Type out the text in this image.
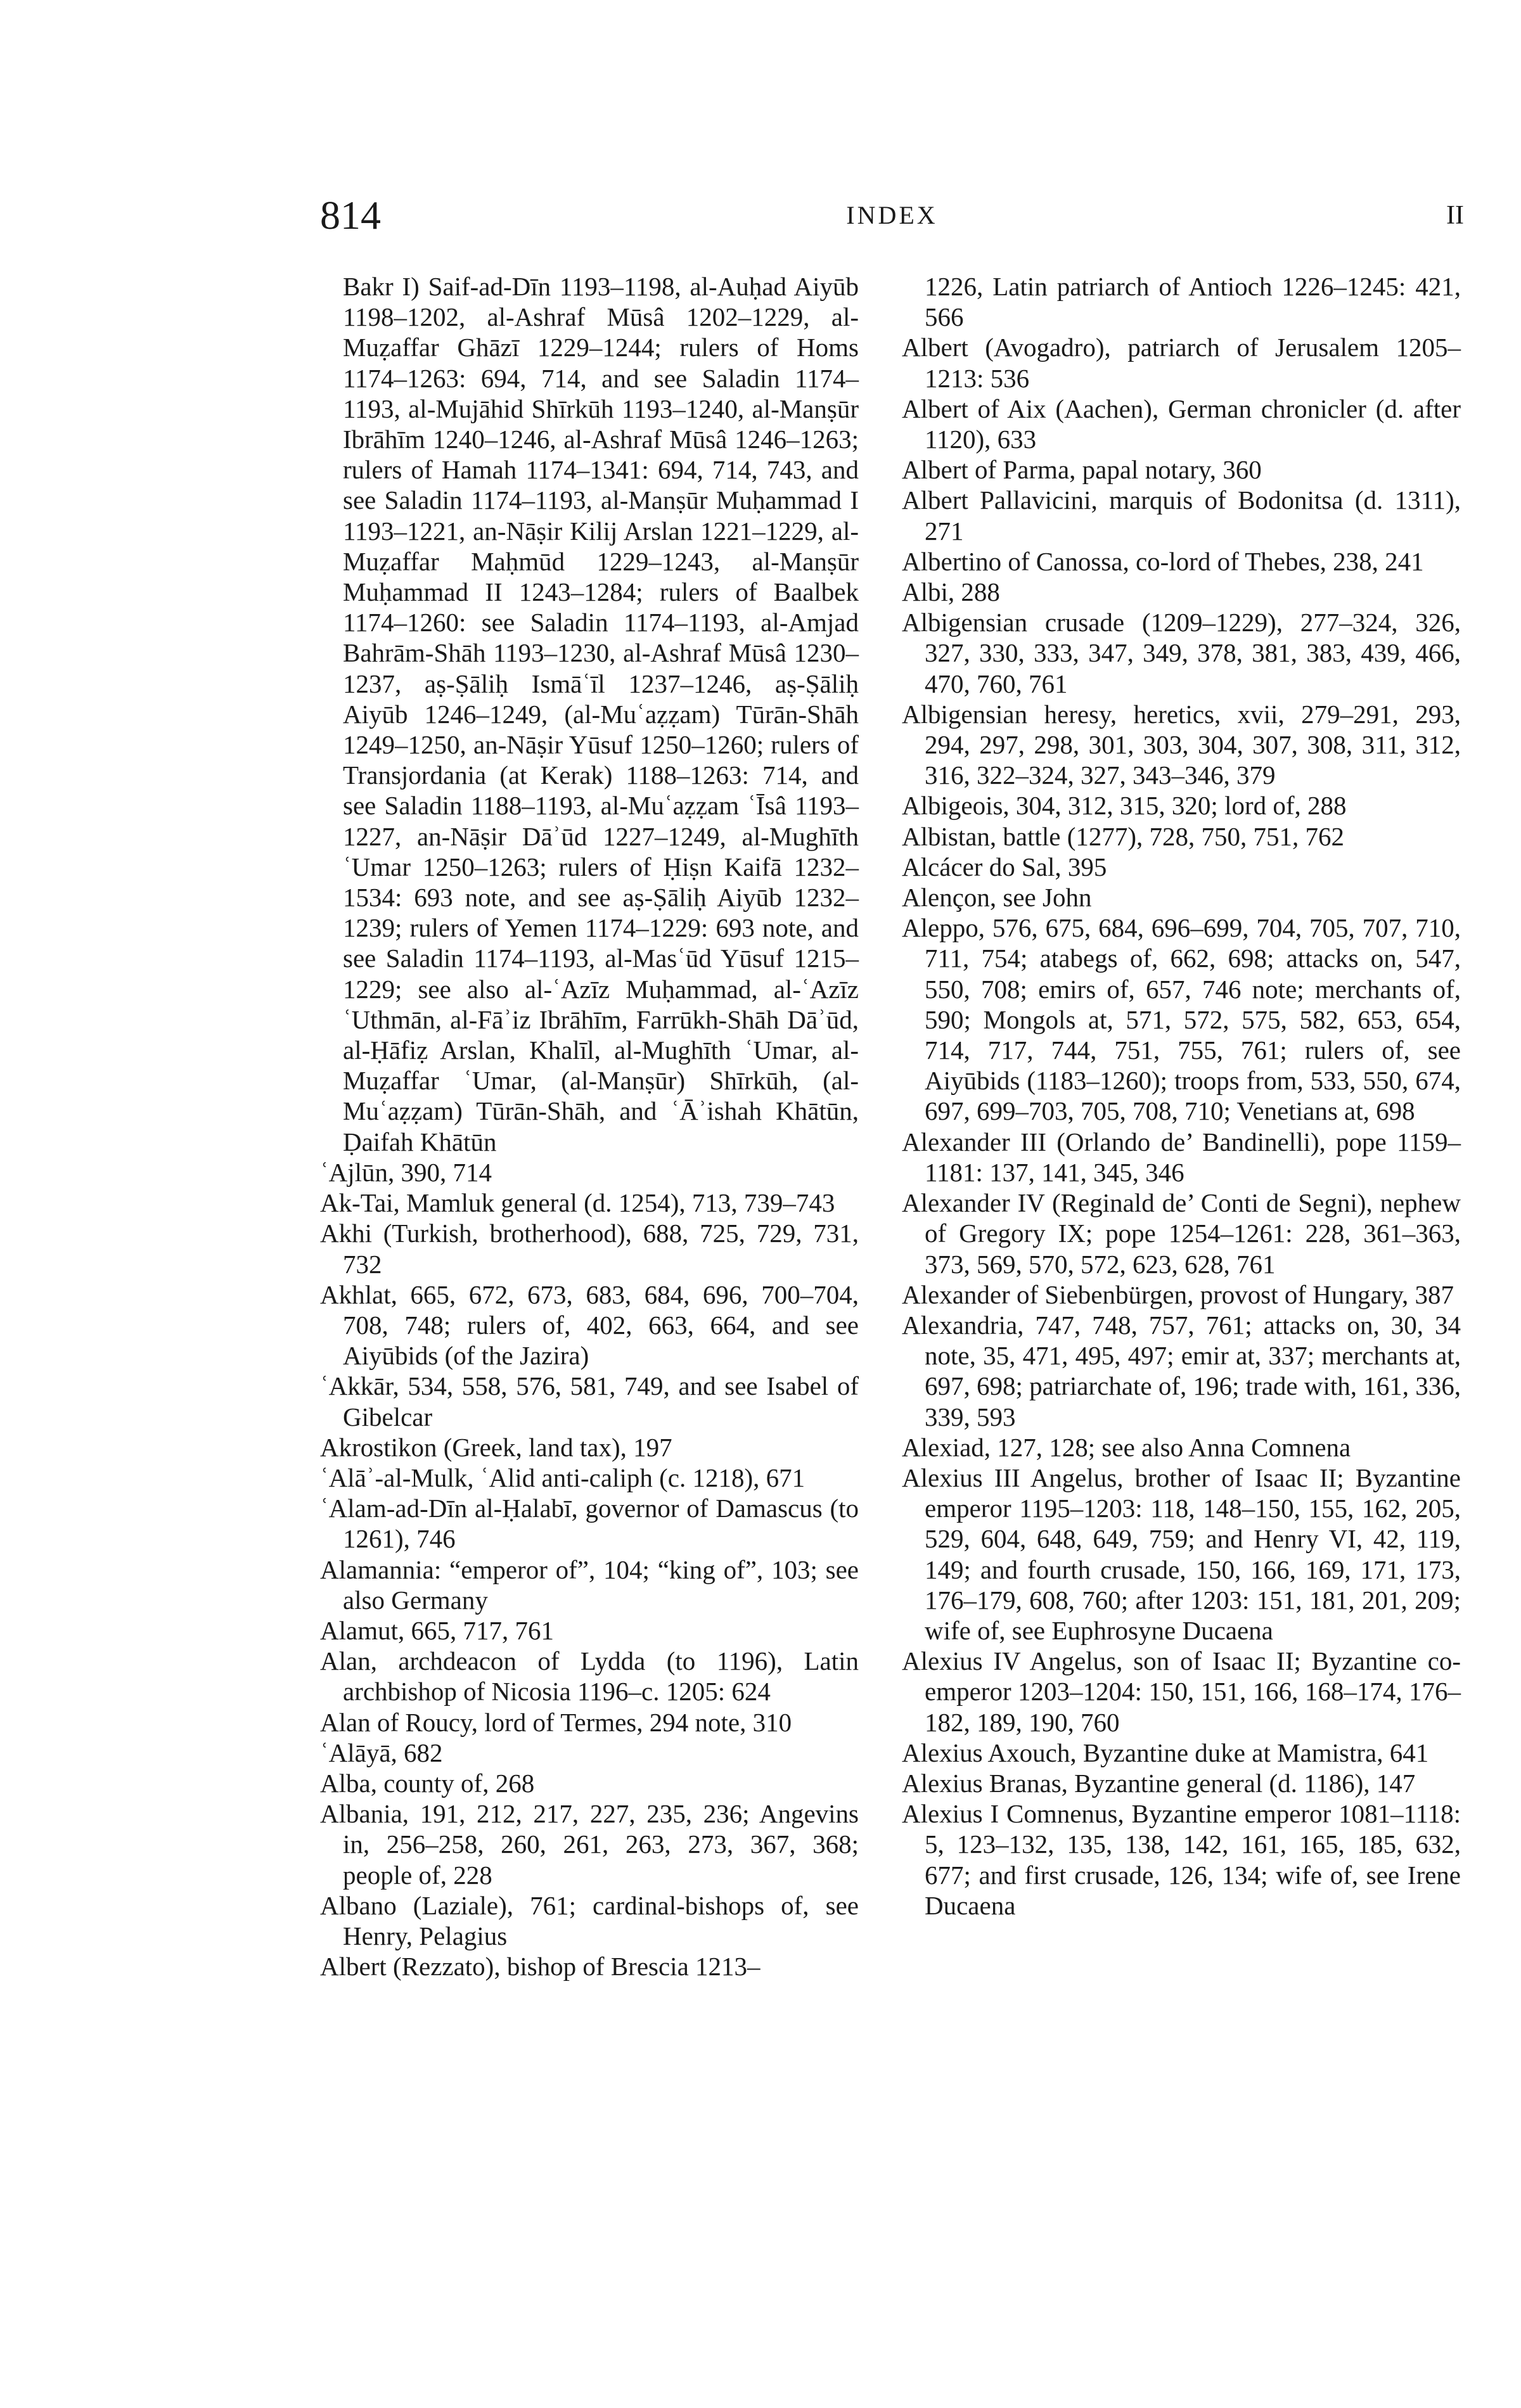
814	INDEX	II

Bakr I) Saif-ad-Dīn 1193–1198, al-Auḥad Aiyūb 1198–1202, al-Ashraf Mūsâ 1202–1229, al-Muẓaffar Ghāzī 1229–1244; rulers of Homs 1174–1263: 694, 714, and see Saladin 1174–1193, al-Mujāhid Shīrkūh 1193–1240, al-Manṣūr Ibrāhīm 1240–1246, al-Ashraf Mūsâ 1246–1263; rulers of Hamah 1174–1341: 694, 714, 743, and see Saladin 1174–1193, al-Manṣūr Muḥammad I 1193–1221, an-Nāṣir Kilij Arslan 1221–1229, al-Muẓaffar Maḥmūd 1229–1243, al-Manṣūr Muḥammad II 1243–1284; rulers of Baalbek 1174–1260: see Saladin 1174–1193, al-Amjad Bahrām-Shāh 1193–1230, al-Ashraf Mūsâ 1230–1237, aṣ-Ṣāliḥ Ismāʿīl 1237–1246, aṣ-Ṣāliḥ Aiyūb 1246–1249, (al-Muʿaẓẓam) Tūrān-Shāh 1249–1250, an-Nāṣir Yūsuf 1250–1260; rulers of Transjordania (at Kerak) 1188–1263: 714, and see Saladin 1188–1193, al-Muʿaẓẓam ʿĪsâ 1193–1227, an-Nāṣir Dāʾūd 1227–1249, al-Mughīth ʿUmar 1250–1263; rulers of Ḥiṣn Kaifā 1232–1534: 693 note, and see aṣ-Ṣāliḥ Aiyūb 1232–1239; rulers of Yemen 1174–1229: 693 note, and see Saladin 1174–1193, al-Masʿūd Yūsuf 1215–1229; see also al-ʿAzīz Muḥammad, al-ʿAzīz ʿUthmān, al-Fāʾiz Ibrāhīm, Farrūkh-Shāh Dāʾūd, al-Ḥāfiẓ Arslan, Khalīl, al-Mughīth ʿUmar, al-Muẓaffar ʿUmar, (al-Manṣūr) Shīrkūh, (al-Muʿaẓẓam) Tūrān-Shāh, and ʿĀʾishah Khātūn, Ḍaifah Khātūn

ʿAjlūn, 390, 714

Ak-Tai, Mamluk general (d. 1254), 713, 739–743

Akhi (Turkish, brotherhood), 688, 725, 729, 731, 732

Akhlat, 665, 672, 673, 683, 684, 696, 700–704, 708, 748; rulers of, 402, 663, 664, and see Aiyūbids (of the Jazira)

ʿAkkār, 534, 558, 576, 581, 749, and see Isabel of Gibelcar

Akrostikon (Greek, land tax), 197

ʿAlāʾ-al-Mulk, ʿAlid anti-caliph (c. 1218), 671

ʿAlam-ad-Dīn al-Ḥalabī, governor of Damascus (to 1261), 746

Alamannia: “emperor of”, 104; “king of”, 103; see also Germany

Alamut, 665, 717, 761

Alan, archdeacon of Lydda (to 1196), Latin archbishop of Nicosia 1196–c. 1205: 624

Alan of Roucy, lord of Termes, 294 note, 310

ʿAlāyā, 682

Alba, county of, 268

Albania, 191, 212, 217, 227, 235, 236; Angevins in, 256–258, 260, 261, 263, 273, 367, 368; people of, 228

Albano (Laziale), 761; cardinal-bishops of, see Henry, Pelagius

Albert (Rezzato), bishop of Brescia 1213–

1226, Latin patriarch of Antioch 1226–1245: 421, 566

Albert (Avogadro), patriarch of Jerusalem 1205–1213: 536

Albert of Aix (Aachen), German chronicler (d. after 1120), 633

Albert of Parma, papal notary, 360

Albert Pallavicini, marquis of Bodonitsa (d. 1311), 271

Albertino of Canossa, co-lord of Thebes, 238, 241

Albi, 288

Albigensian crusade (1209–1229), 277–324, 326, 327, 330, 333, 347, 349, 378, 381, 383, 439, 466, 470, 760, 761

Albigensian heresy, heretics, xvii, 279–291, 293, 294, 297, 298, 301, 303, 304, 307, 308, 311, 312, 316, 322–324, 327, 343–346, 379

Albigeois, 304, 312, 315, 320; lord of, 288

Albistan, battle (1277), 728, 750, 751, 762

Alcácer do Sal, 395

Alençon, see John

Aleppo, 576, 675, 684, 696–699, 704, 705, 707, 710, 711, 754; atabegs of, 662, 698; attacks on, 547, 550, 708; emirs of, 657, 746 note; merchants of, 590; Mongols at, 571, 572, 575, 582, 653, 654, 714, 717, 744, 751, 755, 761; rulers of, see Aiyūbids (1183–1260); troops from, 533, 550, 674, 697, 699–703, 705, 708, 710; Venetians at, 698

Alexander III (Orlando de’ Bandinelli), pope 1159–1181: 137, 141, 345, 346

Alexander IV (Reginald de’ Conti de Segni), nephew of Gregory IX; pope 1254–1261: 228, 361–363, 373, 569, 570, 572, 623, 628, 761

Alexander of Siebenbürgen, provost of Hungary, 387

Alexandria, 747, 748, 757, 761; attacks on, 30, 34 note, 35, 471, 495, 497; emir at, 337; merchants at, 697, 698; patriarchate of, 196; trade with, 161, 336, 339, 593

Alexiad, 127, 128; see also Anna Comnena

Alexius III Angelus, brother of Isaac II; Byzantine emperor 1195–1203: 118, 148–150, 155, 162, 205, 529, 604, 648, 649, 759; and Henry VI, 42, 119, 149; and fourth crusade, 150, 166, 169, 171, 173, 176–179, 608, 760; after 1203: 151, 181, 201, 209; wife of, see Euphrosyne Ducaena

Alexius IV Angelus, son of Isaac II; Byzantine co-emperor 1203–1204: 150, 151, 166, 168–174, 176–182, 189, 190, 760

Alexius Axouch, Byzantine duke at Mamistra, 641

Alexius Branas, Byzantine general (d. 1186), 147

Alexius I Comnenus, Byzantine emperor 1081–1118: 5, 123–132, 135, 138, 142, 161, 165, 185, 632, 677; and first crusade, 126, 134; wife of, see Irene Ducaena
